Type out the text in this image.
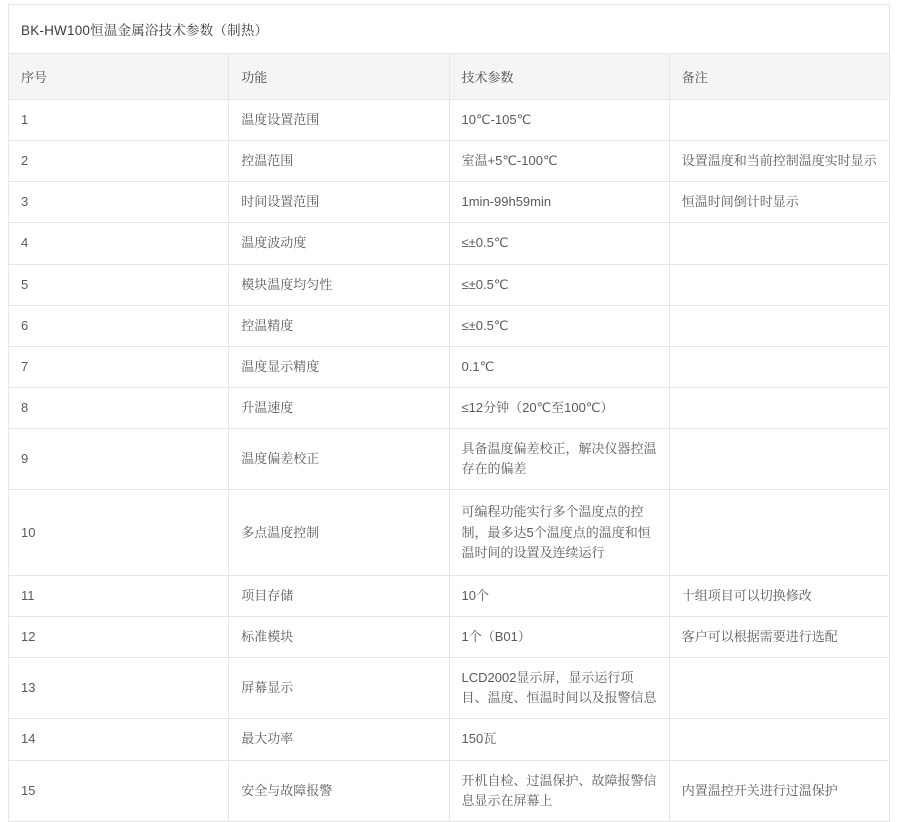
BK-HW100恒温金属浴技术参数（制热）			
序号	功能	技术参数	备注
1	温度设置范围	10℃-105℃	
2	控温范围	室温+5℃-100℃	设置温度和当前控制温度实时显示
3	时间设置范围	1min-99h59min	恒温时间倒计时显示
4	温度波动度	≤±0.5℃	
5	模块温度均匀性	≤±0.5℃	
6	控温精度	≤±0.5℃	
7	温度显示精度	0.1℃	
8	升温速度	≤12分钟（20℃至100℃）	
9	温度偏差校正	具备温度偏差校正，解决仪器控温存在的偏差	
10	多点温度控制	可编程功能实行多个温度点的控制，最多达5个温度点的温度和恒温时间的设置及连续运行	
11	项目存储	10个	十组项目可以切换修改
12	标准模块	1个（B01）	客户可以根据需要进行选配
13	屏幕显示	LCD2002显示屏，显示运行项目、温度、恒温时间以及报警信息	
14	最大功率	150瓦	
15	安全与故障报警	开机自检、过温保护、故障报警信息显示在屏幕上	内置温控开关进行过温保护
